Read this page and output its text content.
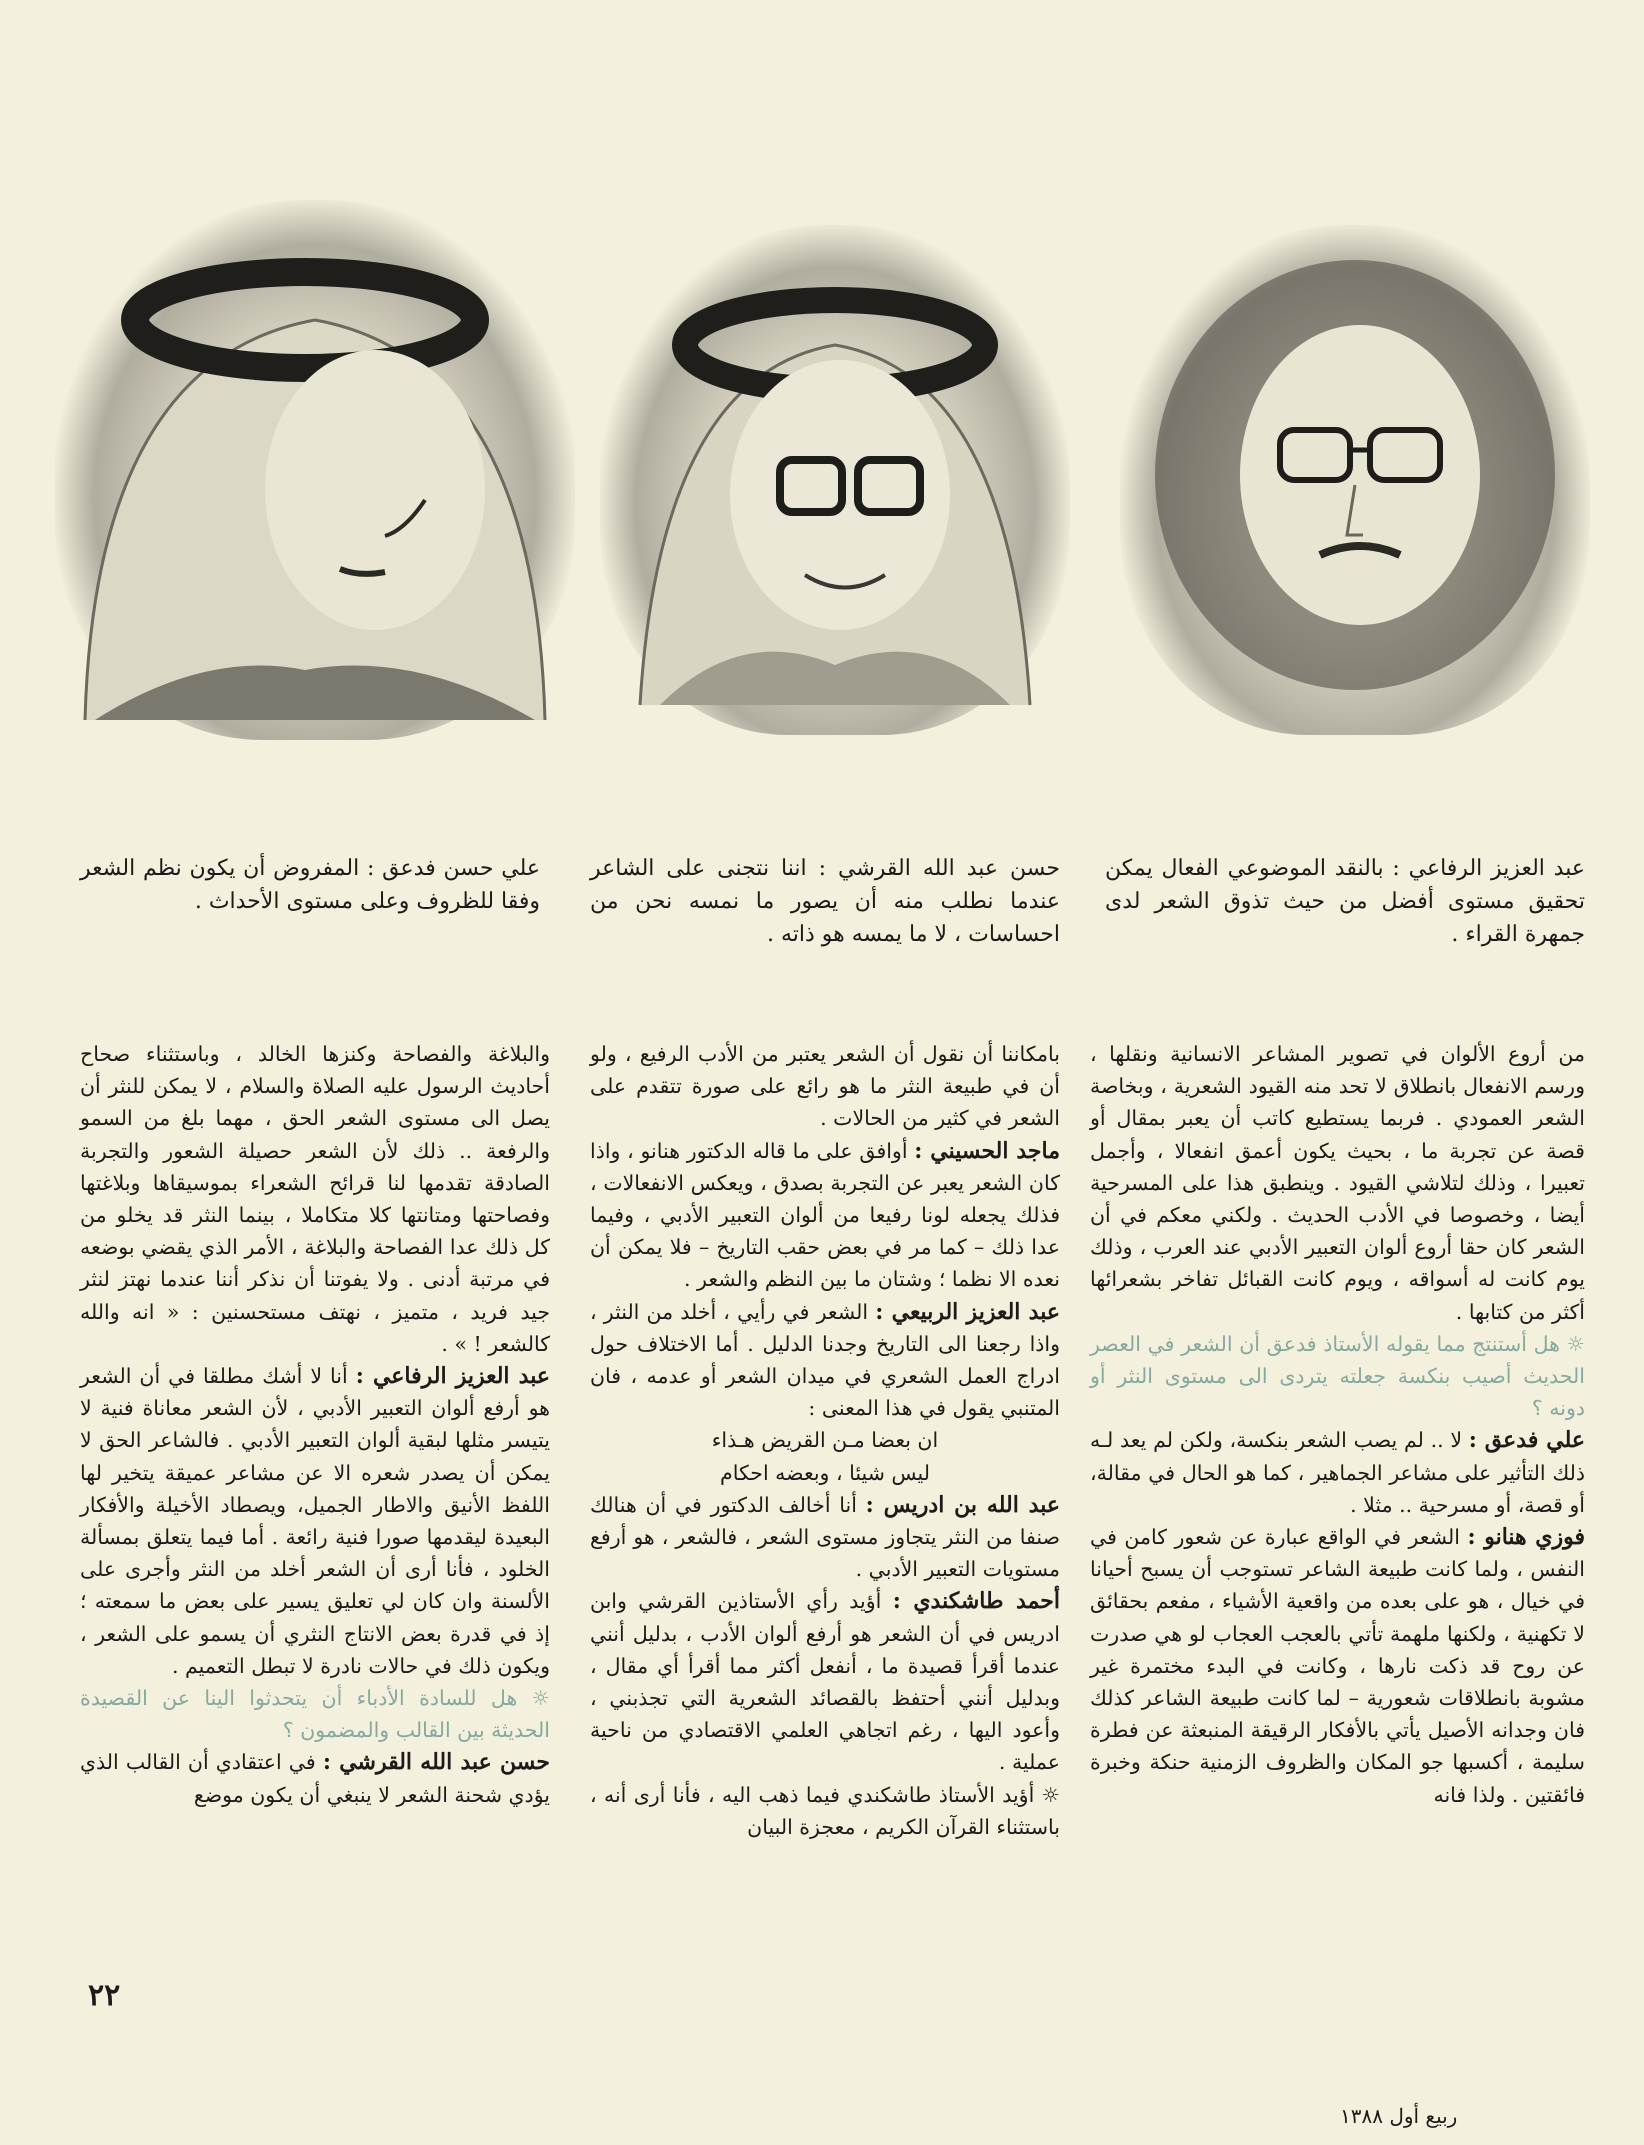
عبد العزيز الرفاعي : بالنقد الموضوعي الفعال يمكن تحقيق مستوى أفضل من حيث تذوق الشعر لدى جمهرة القراء .
حسن عبد الله القرشي : اننا نتجنى على الشاعر عندما نطلب منه أن يصور ما نمسه نحن من احساسات ، لا ما يمسه هو ذاته .
علي حسن فدعق : المفروض أن يكون نظم الشعر وفقا للظروف وعلى مستوى الأحداث .

من أروع الألوان في تصوير المشاعر الانسانية ونقلها ، ورسم الانفعال بانطلاق لا تحد منه القيود الشعرية ، وبخاصة الشعر العمودي . فربما يستطيع كاتب أن يعبر بمقال أو قصة عن تجربة ما ، بحيث يكون أعمق انفعالا ، وأجمل تعبيرا ، وذلك لتلاشي القيود . وينطبق هذا على المسرحية أيضا ، وخصوصا في الأدب الحديث . ولكني معكم في أن الشعر كان حقا أروع ألوان التعبير الأدبي عند العرب ، وذلك يوم كانت له أسواقه ، ويوم كانت القبائل تفاخر بشعرائها أكثر من كتابها .

☼ هل أستنتج مما يقوله الأستاذ فدعق أن الشعر في العصر الحديث أصيب بنكسة جعلته يتردى الى مستوى النثر أو دونه ؟

علي فدعق : لا .. لم يصب الشعر بنكسة، ولكن لم يعد لـه ذلك التأثير على مشاعر الجماهير ، كما هو الحال في مقالة، أو قصة، أو مسرحية .. مثلا .

فوزي هنانو : الشعر في الواقع عبارة عن شعور كامن في النفس ، ولما كانت طبيعة الشاعر تستوجب أن يسبح أحيانا في خيال ، هو على بعده من واقعية الأشياء ، مفعم بحقائق لا تكهنية ، ولكنها ملهمة تأتي بالعجب العجاب لو هي صدرت عن روح قد ذكت نارها ، وكانت في البدء مختمرة غير مشوبة بانطلاقات شعورية – لما كانت طبيعة الشاعر كذلك فان وجدانه الأصيل يأتي بالأفكار الرقيقة المنبعثة عن فطرة سليمة ، أكسبها جو المكان والظروف الزمنية حنكة وخبرة فائقتين . ولذا فانه

بامكاننا أن نقول أن الشعر يعتبر من الأدب الرفيع ، ولو أن في طبيعة النثر ما هو رائع على صورة تتقدم على الشعر في كثير من الحالات .

ماجد الحسيني : أوافق على ما قاله الدكتور هنانو ، واذا كان الشعر يعبر عن التجربة بصدق ، ويعكس الانفعالات ، فذلك يجعله لونا رفيعا من ألوان التعبير الأدبي ، وفيما عدا ذلك – كما مر في بعض حقب التاريخ – فلا يمكن أن نعده الا نظما ؛ وشتان ما بين النظم والشعر .

عبد العزيز الربيعي : الشعر في رأيي ، أخلد من النثر ، واذا رجعنا الى التاريخ وجدنا الدليل . أما الاختلاف حول ادراج العمل الشعري في ميدان الشعر أو عدمه ، فان المتنبي يقول في هذا المعنى :

ان بعضا مـن القريض هـذاء

ليس شيئا ، وبعضه احكام

عبد الله بن ادريس : أنا أخالف الدكتور في أن هنالك صنفا من النثر يتجاوز مستوى الشعر ، فالشعر ، هو أرفع مستويات التعبير الأدبي .

أحمد طاشكندي : أؤيد رأي الأستاذين القرشي وابن ادريس في أن الشعر هو أرفع ألوان الأدب ، بدليل أنني عندما أقرأ قصيدة ما ، أنفعل أكثر مما أقرأ أي مقال ، وبدليل أنني أحتفظ بالقصائد الشعرية التي تجذبني ، وأعود اليها ، رغم اتجاهي العلمي الاقتصادي من ناحية عملية .

☼ أؤيد الأستاذ طاشكندي فيما ذهب اليه ، فأنا أرى أنه ، باستثناء القرآن الكريم ، معجزة البيان

والبلاغة والفصاحة وكنزها الخالد ، وباستثناء صحاح أحاديث الرسول عليه الصلاة والسلام ، لا يمكن للنثر أن يصل الى مستوى الشعر الحق ، مهما بلغ من السمو والرفعة .. ذلك لأن الشعر حصيلة الشعور والتجربة الصادقة تقدمها لنا قرائح الشعراء بموسيقاها وبلاغتها وفصاحتها ومتانتها كلا متكاملا ، بينما النثر قد يخلو من كل ذلك عدا الفصاحة والبلاغة ، الأمر الذي يقضي بوضعه في مرتبة أدنى . ولا يفوتنا أن نذكر أننا عندما نهتز لنثر جيد فريد ، متميز ، نهتف مستحسنين : « انه والله كالشعر ! » .

عبد العزيز الرفاعي : أنا لا أشك مطلقا في أن الشعر هو أرفع ألوان التعبير الأدبي ، لأن الشعر معاناة فنية لا يتيسر مثلها لبقية ألوان التعبير الأدبي . فالشاعر الحق لا يمكن أن يصدر شعره الا عن مشاعر عميقة يتخير لها اللفظ الأنيق والاطار الجميل، ويصطاد الأخيلة والأفكار البعيدة ليقدمها صورا فنية رائعة . أما فيما يتعلق بمسألة الخلود ، فأنا أرى أن الشعر أخلد من النثر وأجرى على الألسنة وان كان لي تعليق يسير على بعض ما سمعته ؛ إذ في قدرة بعض الانتاج النثري أن يسمو على الشعر ، ويكون ذلك في حالات نادرة لا تبطل التعميم .

☼ هل للسادة الأدباء أن يتحدثوا الينا عن القصيدة الحديثة بين القالب والمضمون ؟

حسن عبد الله القرشي : في اعتقادي أن القالب الذي يؤدي شحنة الشعر لا ينبغي أن يكون موضع

٢٢
ربيع أول ١٣٨٨
